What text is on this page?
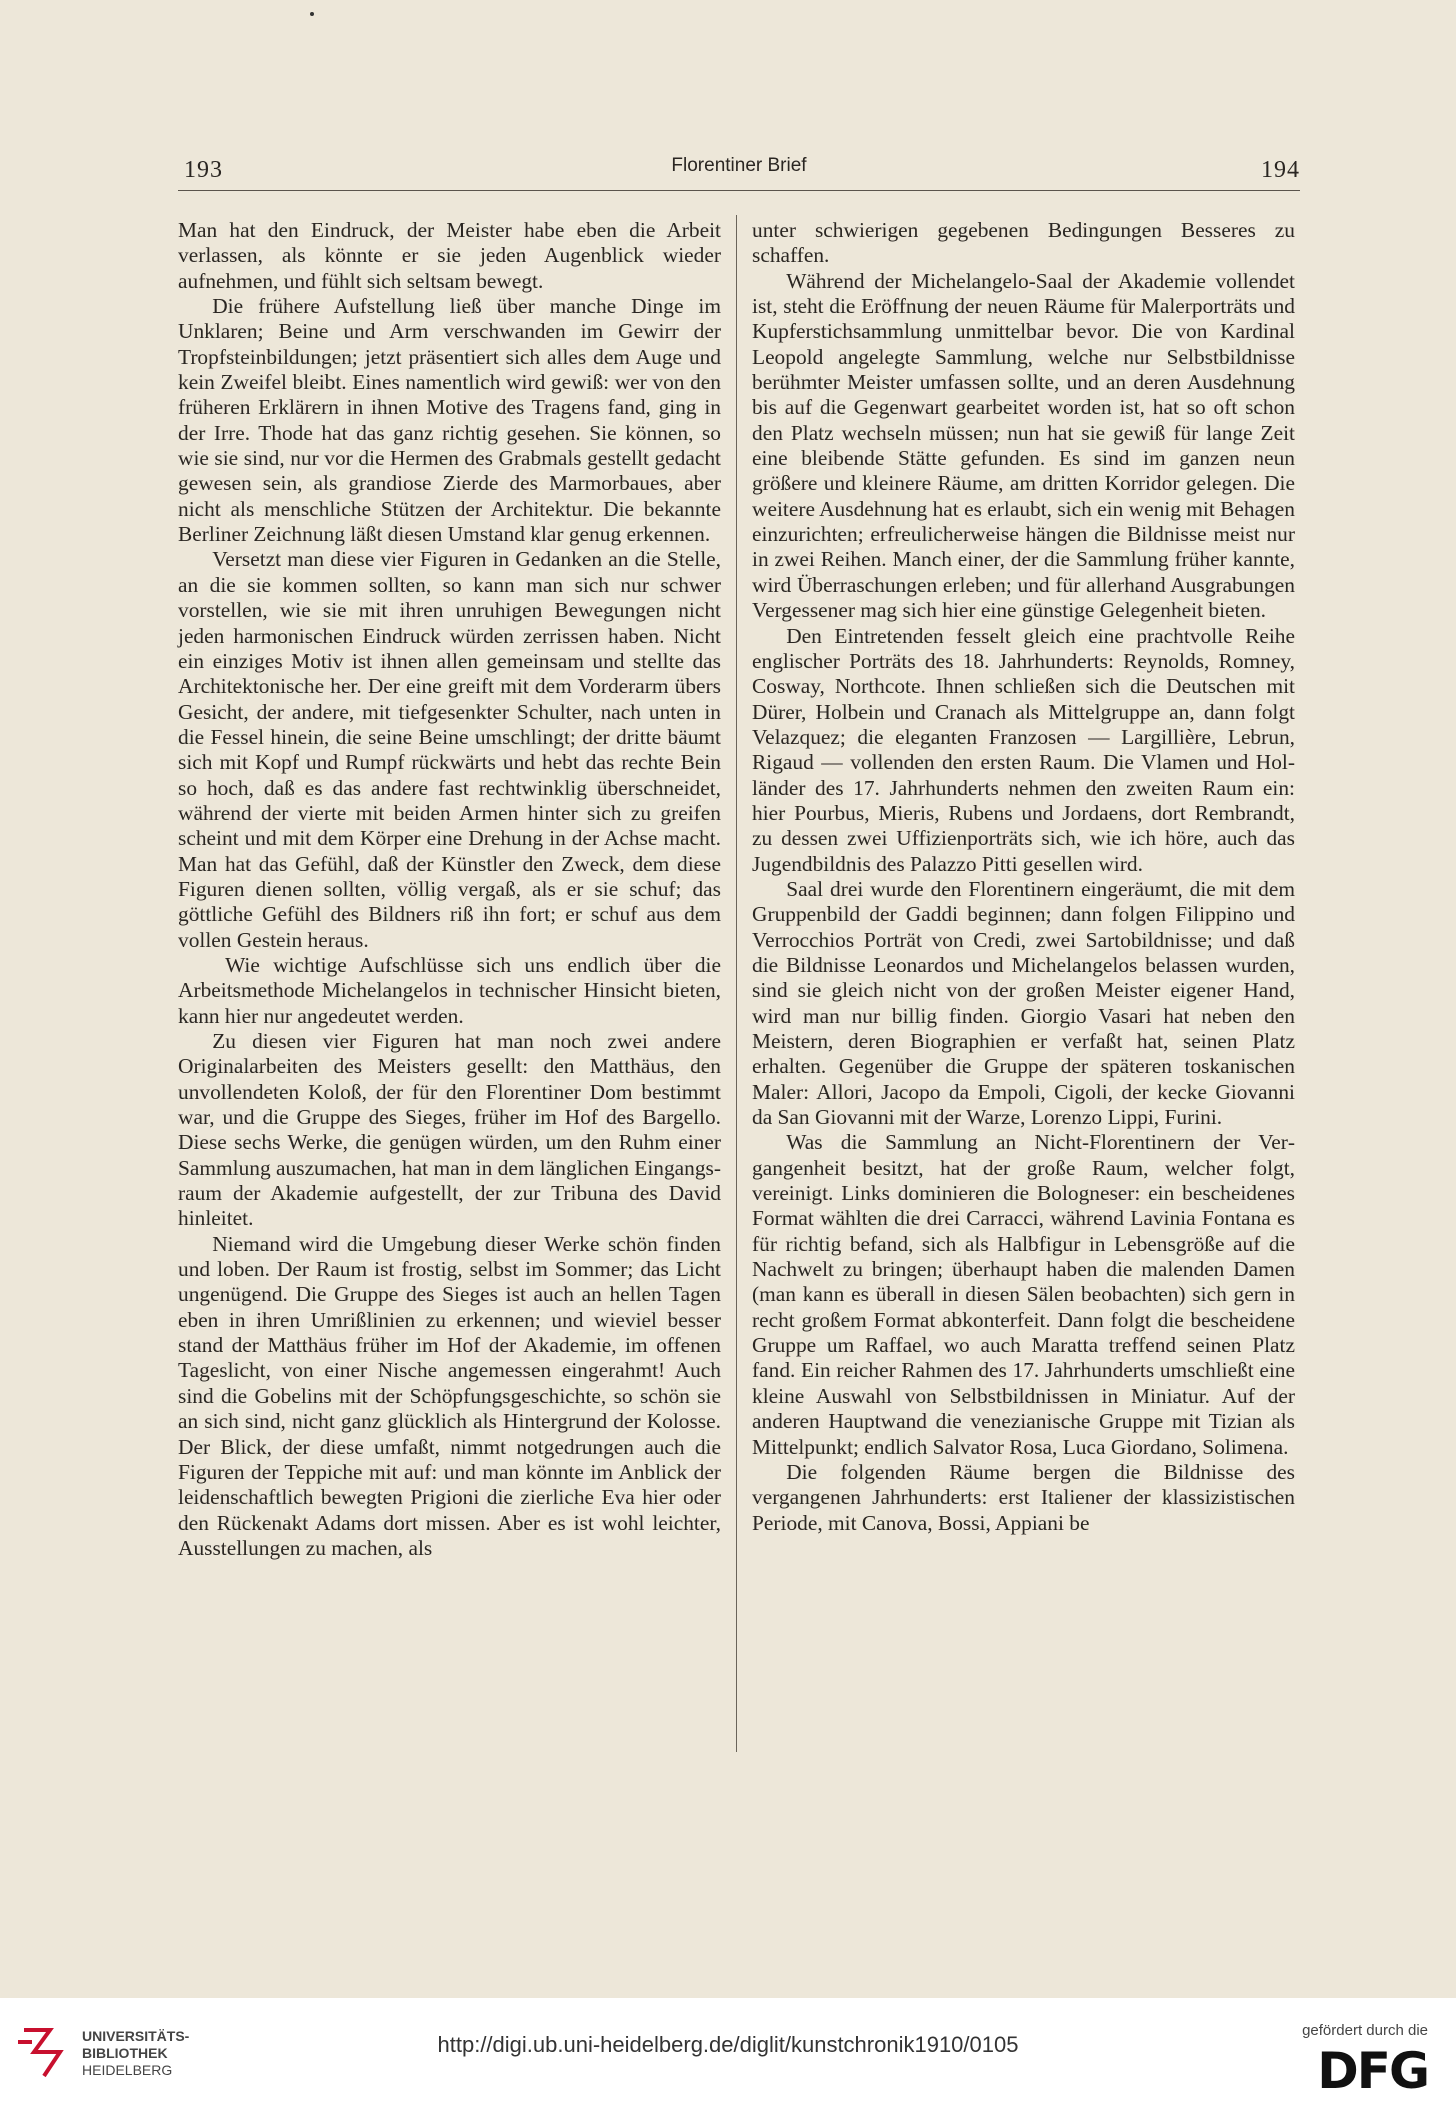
193	Florentiner Brief	194

Man hat den Eindruck, der Meister habe eben die Arbeit verlassen, als könnte er sie jeden Augenblick wieder aufnehmen, und fühlt sich seltsam bewegt.

Die frühere Aufstellung ließ über manche Dinge im Unklaren; Beine und Arm verschwanden im Gewirr der Tropfsteinbildungen; jetzt präsentiert sich alles dem Auge und kein Zweifel bleibt. Eines namentlich wird gewiß: wer von den früheren Erklärern in ihnen Motive des Tragens fand, ging in der Irre. Thode hat das ganz richtig gesehen. Sie können, so wie sie sind, nur vor die Hermen des Grabmals gestellt gedacht gewesen sein, als grandiose Zierde des Marmorbaues, aber nicht als menschliche Stützen der Architektur. Die bekannte Berliner Zeichnung läßt diesen Umstand klar genug erkennen.

Versetzt man diese vier Figuren in Gedanken an die Stelle, an die sie kommen sollten, so kann man sich nur schwer vorstellen, wie sie mit ihren unruhigen Bewegungen nicht jeden harmonischen Eindruck würden zerrissen haben. Nicht ein einziges Motiv ist ihnen allen gemeinsam und stellte das Architektonische her. Der eine greift mit dem Vorderarm übers Gesicht, der andere, mit tiefgesenkter Schulter, nach unten in die Fessel hinein, die seine Beine umschlingt; der dritte bäumt sich mit Kopf und Rumpf rückwärts und hebt das rechte Bein so hoch, daß es das andere fast rechtwinklig überschneidet, während der vierte mit beiden Armen hinter sich zu greifen scheint und mit dem Körper eine Drehung in der Achse macht. Man hat das Gefühl, daß der Künstler den Zweck, dem diese Figuren dienen sollten, völlig vergaß, als er sie schuf; das göttliche Gefühl des Bildners riß ihn fort; er schuf aus dem vollen Gestein heraus.

Wie wichtige Aufschlüsse sich uns endlich über die Arbeitsmethode Michelangelos in technischer Hinsicht bieten, kann hier nur angedeutet werden.

Zu diesen vier Figuren hat man noch zwei andere Originalarbeiten des Meisters gesellt: den Matthäus, den unvollendeten Koloß, der für den Florentiner Dom bestimmt war, und die Gruppe des Sieges, früher im Hof des Bargello. Diese sechs Werke, die genügen würden, um den Ruhm einer Sammlung auszumachen, hat man in dem länglichen Eingangsraum der Akademie aufgestellt, der zur Tribuna des David hinleitet.

Niemand wird die Umgebung dieser Werke schön finden und loben. Der Raum ist frostig, selbst im Sommer; das Licht ungenügend. Die Gruppe des Sieges ist auch an hellen Tagen eben in ihren Umrißlinien zu erkennen; und wieviel besser stand der Matthäus früher im Hof der Akademie, im offenen Tageslicht, von einer Nische angemessen eingerahmt! Auch sind die Gobelins mit der Schöpfungsgeschichte, so schön sie an sich sind, nicht ganz glücklich als Hintergrund der Kolosse. Der Blick, der diese umfaßt, nimmt notgedrungen auch die Figuren der Teppiche mit auf: und man könnte im Anblick der leidenschaftlich bewegten Prigioni die zierliche Eva hier oder den Rückenakt Adams dort missen. Aber es ist wohl leichter, Ausstellungen zu machen, als

unter schwierigen gegebenen Bedingungen Besseres zu schaffen.

Während der Michelangelo-Saal der Akademie vollendet ist, steht die Eröffnung der neuen Räume für Malerporträts und Kupferstichsammlung unmittelbar bevor. Die von Kardinal Leopold angelegte Sammlung, welche nur Selbstbildnisse berühmter Meister umfassen sollte, und an deren Ausdehnung bis auf die Gegenwart gearbeitet worden ist, hat so oft schon den Platz wechseln müssen; nun hat sie gewiß für lange Zeit eine bleibende Stätte gefunden. Es sind im ganzen neun größere und kleinere Räume, am dritten Korridor gelegen. Die weitere Ausdehnung hat es erlaubt, sich ein wenig mit Behagen einzurichten; erfreulicherweise hängen die Bildnisse meist nur in zwei Reihen. Manch einer, der die Sammlung früher kannte, wird Überraschungen erleben; und für allerhand Ausgrabungen Vergessener mag sich hier eine günstige Gelegenheit bieten.

Den Eintretenden fesselt gleich eine prachtvolle Reihe englischer Porträts des 18. Jahrhunderts: Reynolds, Romney, Cosway, Northcote. Ihnen schließen sich die Deutschen mit Dürer, Holbein und Cranach als Mittelgruppe an, dann folgt Velazquez; die eleganten Franzosen — Largillière, Lebrun, Rigaud — vollenden den ersten Raum. Die Vlamen und Holländer des 17. Jahrhunderts nehmen den zweiten Raum ein: hier Pourbus, Mieris, Rubens und Jordaens, dort Rembrandt, zu dessen zwei Uffizienporträts sich, wie ich höre, auch das Jugendbildnis des Palazzo Pitti gesellen wird.

Saal drei wurde den Florentinern eingeräumt, die mit dem Gruppenbild der Gaddi beginnen; dann folgen Filippino und Verrocchios Porträt von Credi, zwei Sartobildnisse; und daß die Bildnisse Leonardos und Michelangelos belassen wurden, sind sie gleich nicht von der großen Meister eigener Hand, wird man nur billig finden. Giorgio Vasari hat neben den Meistern, deren Biographien er verfaßt hat, seinen Platz erhalten. Gegenüber die Gruppe der späteren toskanischen Maler: Allori, Jacopo da Empoli, Cigoli, der kecke Giovanni da San Giovanni mit der Warze, Lorenzo Lippi, Furini.

Was die Sammlung an Nicht-Florentinern der Vergangenheit besitzt, hat der große Raum, welcher folgt, vereinigt. Links dominieren die Bologneser: ein bescheidenes Format wählten die drei Carracci, während Lavinia Fontana es für richtig befand, sich als Halbfigur in Lebensgröße auf die Nachwelt zu bringen; überhaupt haben die malenden Damen (man kann es überall in diesen Sälen beobachten) sich gern in recht großem Format abkonterfeit. Dann folgt die bescheidene Gruppe um Raffael, wo auch Maratta treffend seinen Platz fand. Ein reicher Rahmen des 17. Jahrhunderts umschließt eine kleine Auswahl von Selbstbildnissen in Miniatur. Auf der anderen Hauptwand die venezianische Gruppe mit Tizian als Mittelpunkt; endlich Salvator Rosa, Luca Giordano, Solimena.

Die folgenden Räume bergen die Bildnisse des vergangenen Jahrhunderts: erst Italiener der klassizistischen Periode, mit Canova, Bossi, Appiani be

UNIVERSITÄTS-
BIBLIOTHEK
HEIDELBERG
http://digi.ub.uni-heidelberg.de/diglit/kunstchronik1910/0105
gefördert durch die
DFG
